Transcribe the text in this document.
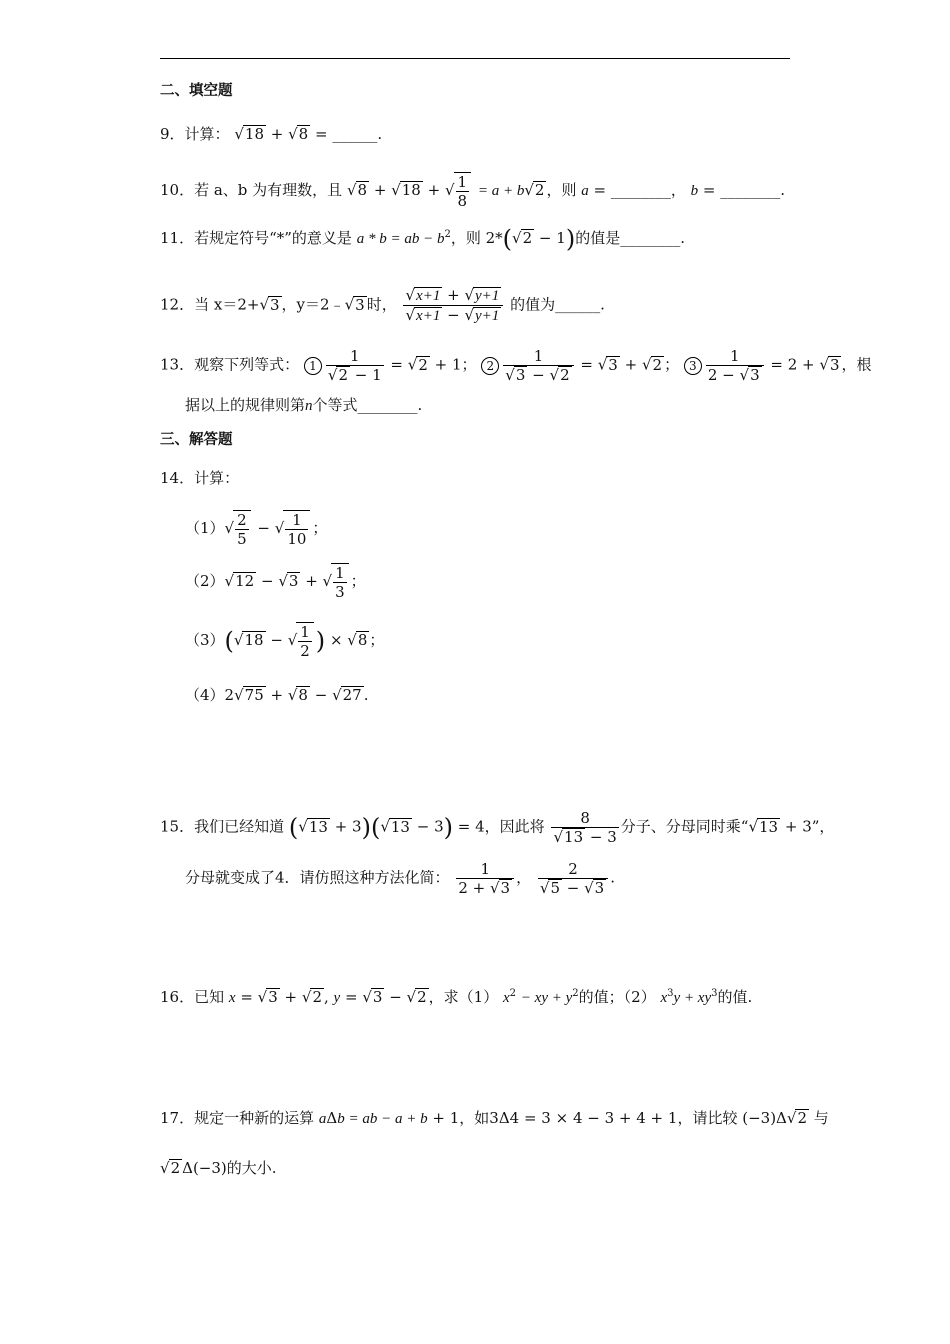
二、填空题
9．计算： √18 + √8 = ______.
10．若 a、b 为有理数，且 √8 + √18 + √ $\frac{1}{8} = a + b√2$ ，则 a = ________， b = ________.
11．若规定符号“*”的意义是 a * b = ab − $b^2$，则 2*(√2 − 1)的值是________.
12．当 x＝2+√3 ，y＝2﹣√3 时， $\frac{√x+1 + √y+1}{√x+1 - √y+1}$ 的值为______.
13．观察下列等式： $1 \frac{1}{√2 - 1} = √2 + 1$； $2 \frac{1}{√3 - √2} = √3 + √2$ ； $3 \frac{1}{2 - √3} = 2 + √3$ ，根
据以上的规律则第n个等式________.
三、解答题
14．计算：
$(1)√ \frac{2}{5}$ − √ $\frac{1}{10}$ ；
（2）√12 − √3 + √ $\frac{1}{3}$ ；
（3）(√18 − √ $\frac{1}{2}$ ) × √8 ；
（4）2√75 + √8 − √27 .
15．我们已经知道 (√13 + 3)(√13 − 3) = 4，因此将 $\frac{8}{√13 - 3}$ 分子、分母同时乘“√13 + 3”，
分母就变成了4．请仿照这种方法化简： $\frac{1}{2 + √3}$ ， $\frac{2}{√5 - √3}$ .
16．已知 x = √3 + √2 , y = √3 − √2 ，求（1） $x^2$ − xy + $y^2$的值；（2） $x^3y + xy^3$的值.
17．规定一种新的运算 aΔb = ab − a + b + 1，如3Δ4 = 3 × 4 − 3 + 4 + 1，请比较 (−3)Δ√2 与
√2 Δ(−3)的大小.
